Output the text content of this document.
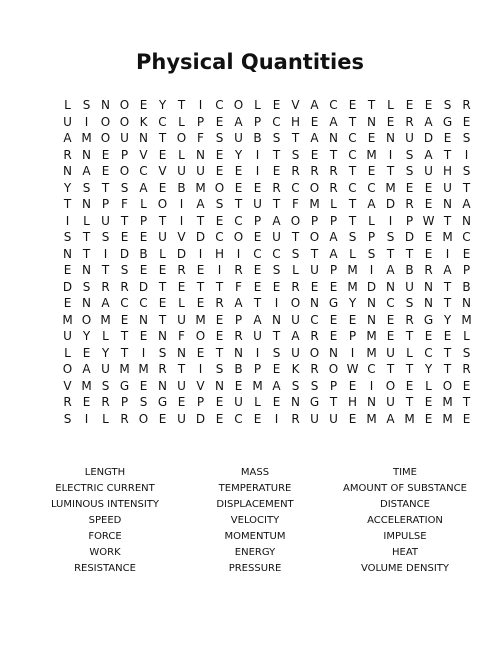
Physical Quantities
L S N O E Y T	I	C O L E V A C E T L E E S R
U	I	O O K C L	P E A P C H E A T N E R A G E
A M O U N T O F S U B S T A N C E N U D E S
R N E P V E L N E Y	I	T S E T C M	I	S A T	I
N A E O C V U U E E	I	E R R R T E T S U H S
Y S T S A E B M O E E R C O R C C M E E U T
T N P F	L O	I	A S T U T F M L T A D R E N A
I	L U T P T	I	T E C P A O P P T L	I	P W T N
S T S E E U V D C O E U T O A S P S D E M C
N T	I	D B L D	I	H	I	C C S T A L S T T E	I	E
E N T S E E R E	I	R E S L U P M	I	A B R A P
D S R R D T E T T F E E R E E M D N U N T B
E N A C C E L E R A T	I	O N G Y N C S N T N
M O M E N T U M E P A N U C E E N E R G Y M
U Y L T E N F O E R U T A R E P M E T E E L
L E Y T	I	S N E T N	I	S U O N	I	M U L C T S
O A U M M R T	I	S B P E K R O W C T T Y T R
V M S G E N U V N E M A S S P E	I	O E L O E
R E R P S G E P E U L E N G T H N U T E M T
S	I	L R O E U D E C E	I	R U U E M A M E M E
LENGTH	MASS	TIME
ELECTRIC CURRENT	TEMPERATURE	AMOUNT OF SUBSTANCE
LUMINOUS INTENSITY	DISPLACEMENT	DISTANCE
SPEED	VELOCITY	ACCELERATION
FORCE	MOMENTUM	IMPULSE
WORK	ENERGY	HEAT
RESISTANCE	PRESSURE	VOLUME DENSITY
